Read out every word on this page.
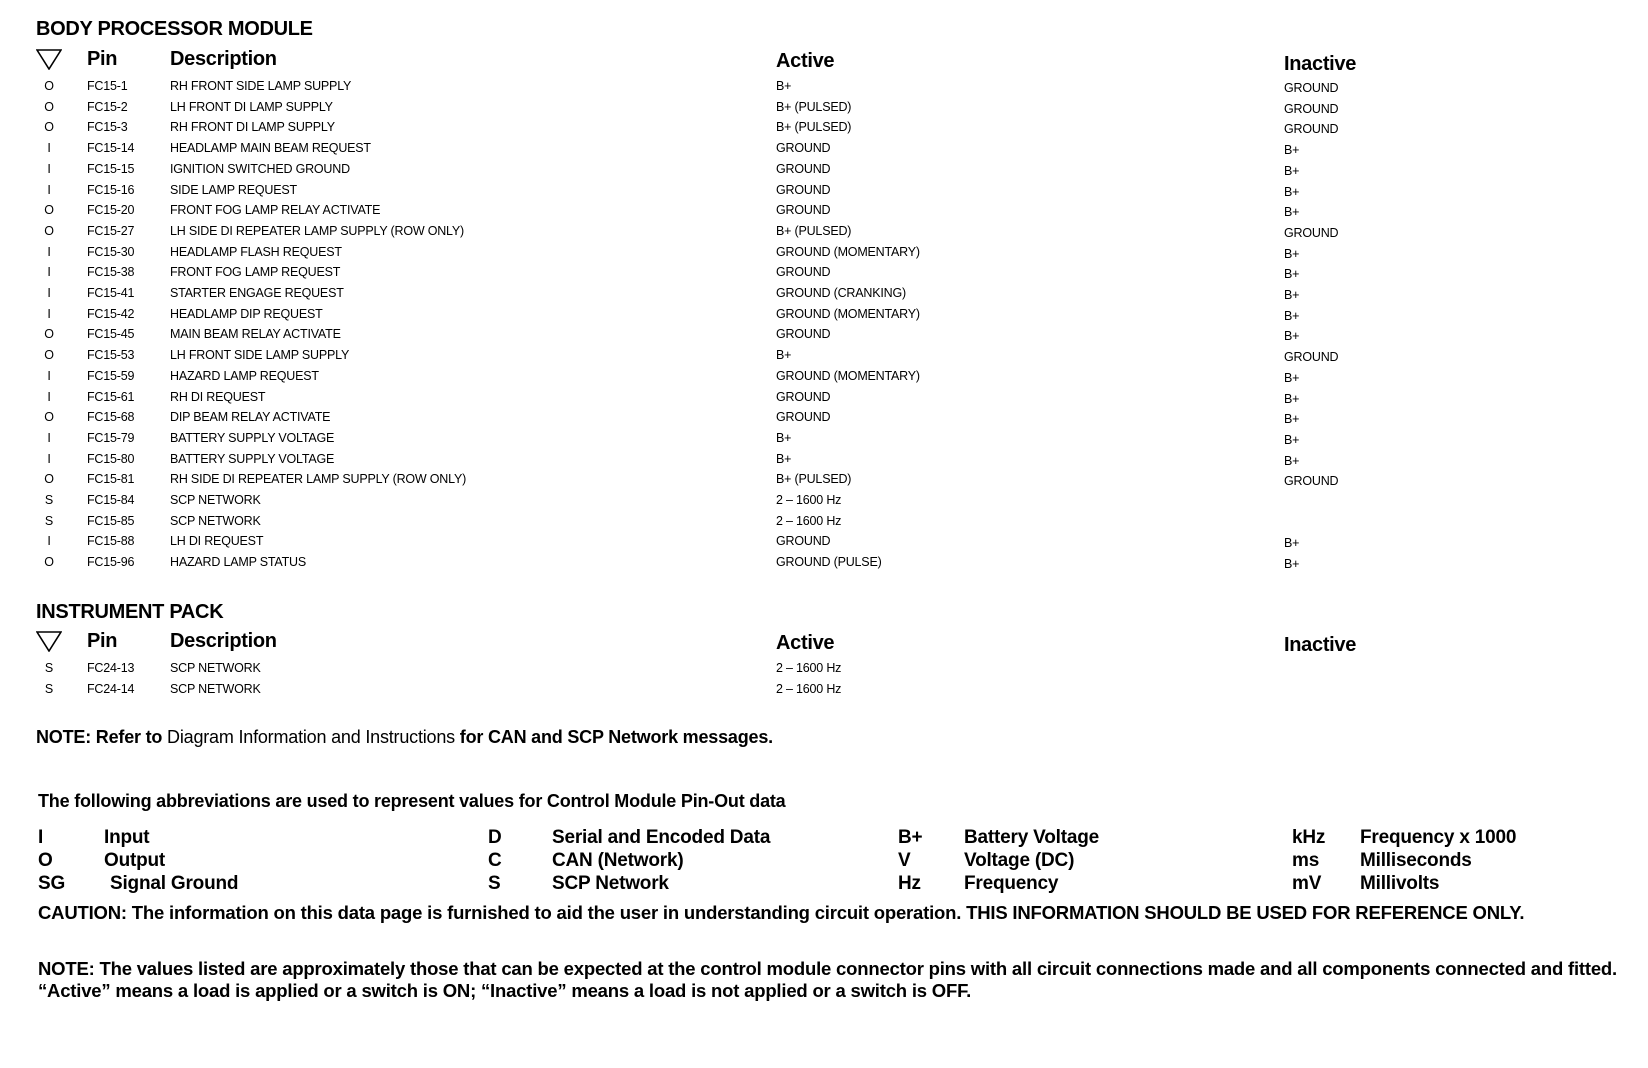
BODY PROCESSOR MODULE
Pin	Description	Active	Inactive
O	FC15-1	RH FRONT SIDE LAMP SUPPLY	B+	GROUND
O	FC15-2	LH FRONT DI LAMP SUPPLY	B+ (PULSED)	GROUND
O	FC15-3	RH FRONT DI LAMP SUPPLY	B+ (PULSED)	GROUND
I	FC15-14	HEADLAMP MAIN BEAM REQUEST	GROUND	B+
I	FC15-15	IGNITION SWITCHED GROUND	GROUND	B+
I	FC15-16	SIDE LAMP REQUEST	GROUND	B+
O	FC15-20	FRONT FOG LAMP RELAY ACTIVATE	GROUND	B+
O	FC15-27	LH SIDE DI REPEATER LAMP SUPPLY (ROW ONLY)	B+ (PULSED)	GROUND
I	FC15-30	HEADLAMP FLASH REQUEST	GROUND (MOMENTARY)	B+
I	FC15-38	FRONT FOG LAMP REQUEST	GROUND	B+
I	FC15-41	STARTER ENGAGE REQUEST	GROUND (CRANKING)	B+
I	FC15-42	HEADLAMP DIP REQUEST	GROUND (MOMENTARY)	B+
O	FC15-45	MAIN BEAM RELAY ACTIVATE	GROUND	B+
O	FC15-53	LH FRONT SIDE LAMP SUPPLY	B+	GROUND
I	FC15-59	HAZARD LAMP REQUEST	GROUND (MOMENTARY)	B+
I	FC15-61	RH DI REQUEST	GROUND	B+
O	FC15-68	DIP BEAM RELAY ACTIVATE	GROUND	B+
I	FC15-79	BATTERY SUPPLY VOLTAGE	B+	B+
I	FC15-80	BATTERY SUPPLY VOLTAGE	B+	B+
O	FC15-81	RH SIDE DI REPEATER LAMP SUPPLY (ROW ONLY)	B+ (PULSED)	GROUND
S	FC15-84	SCP NETWORK	2 – 1600 Hz
S	FC15-85	SCP NETWORK	2 – 1600 Hz
I	FC15-88	LH DI REQUEST	GROUND	B+
O	FC15-96	HAZARD LAMP STATUS	GROUND (PULSE)	B+
INSTRUMENT PACK
Pin	Description	Active	Inactive
S	FC24-13	SCP NETWORK	2 – 1600 Hz
S	FC24-14	SCP NETWORK	2 – 1600 Hz
NOTE: Refer to Diagram Information and Instructions for CAN and SCP Network messages.
The following abbreviations are used to represent values for Control Module Pin-Out data
I	Input
O	Output
SG Signal Ground
D	Serial and Encoded Data
C	CAN (Network)
S	SCP Network
B+ Battery Voltage
V	Voltage (DC)
Hz Frequency
kHz Frequency x 1000
ms Milliseconds
mV Millivolts
CAUTION: The information on this data page is furnished to aid the user in understanding circuit operation. THIS INFORMATION SHOULD BE USED FOR REFERENCE ONLY.
NOTE: The values listed are approximately those that can be expected at the control module connector pins with all circuit connections made and all components connected and fitted. “Active” means a load is applied or a switch is ON; “Inactive” means a load is not applied or a switch is OFF.
